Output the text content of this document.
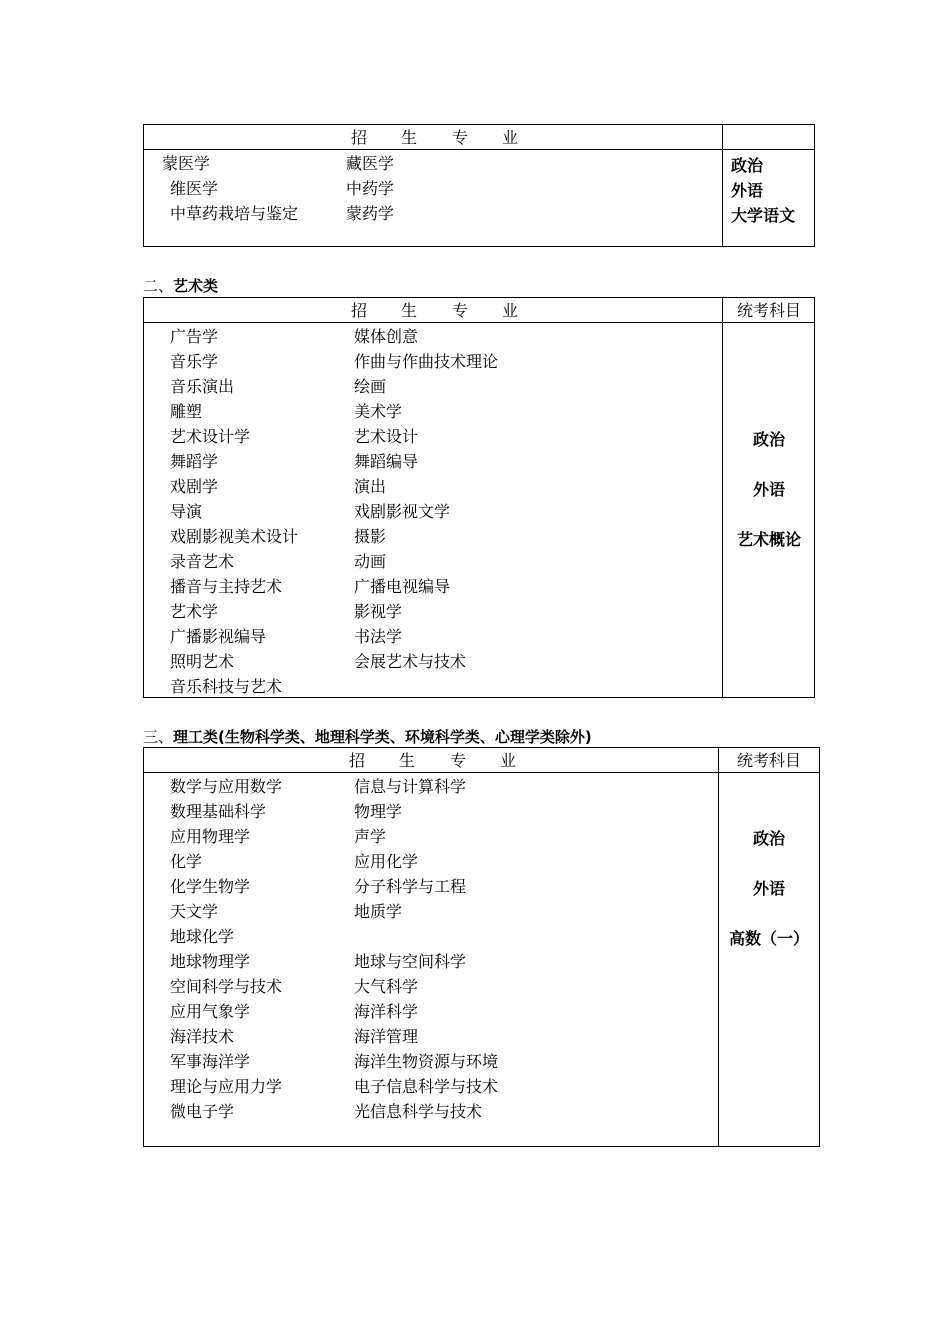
招 生 专 业
蒙医学	藏医学
维医学	中药学
中草药栽培与鉴定	蒙药学
政治
外语
大学语文
二、艺术类
招 生 专 业	统考科目
广告学	媒体创意
音乐学	作曲与作曲技术理论
音乐演出	绘画
雕塑	美术学
艺术设计学	艺术设计
舞蹈学	舞蹈编导
戏剧学	演出
导演	戏剧影视文学
戏剧影视美术设计	摄影
录音艺术	动画
播音与主持艺术	广播电视编导
艺术学	影视学
广播影视编导	书法学
照明艺术	会展艺术与技术
音乐科技与艺术
政治
外语
艺术概论
三、理工类(生物科学类、地理科学类、环境科学类、心理学类除外)
招 生 专 业	统考科目
数学与应用数学	信息与计算科学
数理基础科学	物理学
应用物理学	声学
化学	应用化学
化学生物学	分子科学与工程
天文学	地质学
地球化学
地球物理学	地球与空间科学
空间科学与技术	大气科学
应用气象学	海洋科学
海洋技术	海洋管理
军事海洋学	海洋生物资源与环境
理论与应用力学	电子信息科学与技术
微电子学	光信息科学与技术
政治
外语
高数（一）
